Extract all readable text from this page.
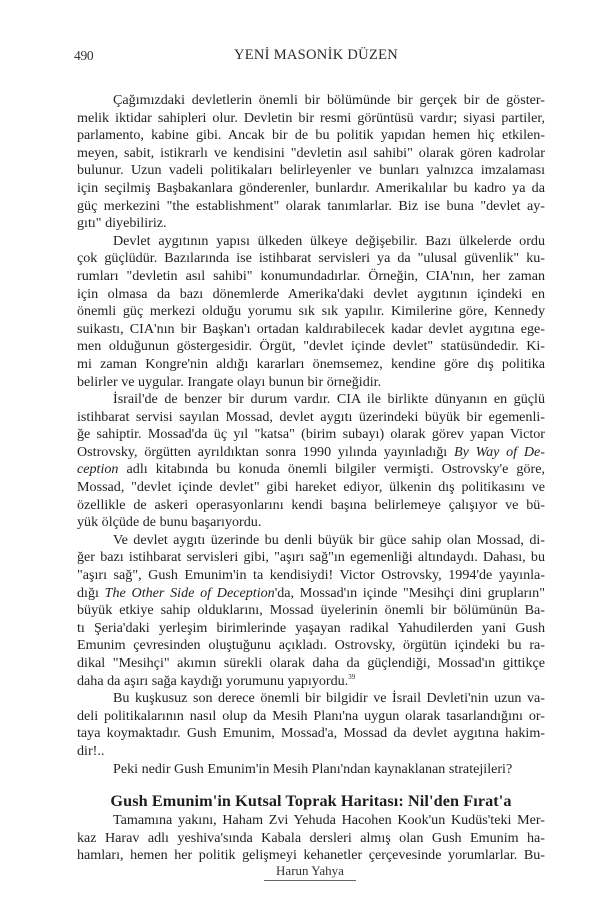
YENİ MASONİK DÜZEN
490
Çağımızdaki devletlerin önemli bir bölümünde bir gerçek bir de göster-
melik iktidar sahipleri olur. Devletin bir resmi görüntüsü vardır; siyasi partiler,
parlamento, kabine gibi. Ancak bir de bu politik yapıdan hemen hiç etkilen-
meyen, sabit, istikrarlı ve kendisini "devletin asıl sahibi" olarak gören kadrolar
bulunur. Uzun vadeli politikaları belirleyenler ve bunları yalnızca imzalaması
için seçilmiş Başbakanlara gönderenler, bunlardır. Amerikalılar bu kadro ya da
güç merkezini "the establishment" olarak tanımlarlar. Biz ise buna "devlet ay-
gıtı" diyebiliriz.
Devlet aygıtının yapısı ülkeden ülkeye değişebilir. Bazı ülkelerde ordu
çok güçlüdür. Bazılarında ise istihbarat servisleri ya da "ulusal güvenlik" ku-
rumları "devletin asıl sahibi" konumundadırlar. Örneğin, CIA'nın, her zaman
için olmasa da bazı dönemlerde Amerika'daki devlet aygıtının içindeki en
önemli güç merkezi olduğu yorumu sık sık yapılır. Kimilerine göre, Kennedy
suikastı, CIA'nın bir Başkan'ı ortadan kaldırabilecek kadar devlet aygıtına ege-
men olduğunun göstergesidir. Örgüt, "devlet içinde devlet" statüsündedir. Ki-
mi zaman Kongre'nin aldığı kararları önemsemez, kendine göre dış politika
belirler ve uygular. Irangate olayı bunun bir örneğidir.
İsrail'de de benzer bir durum vardır. CIA ile birlikte dünyanın en güçlü
istihbarat servisi sayılan Mossad, devlet aygıtı üzerindeki büyük bir egemenli-
ğe sahiptir. Mossad'da üç yıl "katsa" (birim subayı) olarak görev yapan Victor
Ostrovsky, örgütten ayrıldıktan sonra 1990 yılında yayınladığı By Way of De-
ception adlı kitabında bu konuda önemli bilgiler vermişti. Ostrovsky'e göre,
Mossad, "devlet içinde devlet" gibi hareket ediyor, ülkenin dış politikasını ve
özellikle de askeri operasyonlarını kendi başına belirlemeye çalışıyor ve bü-
yük ölçüde de bunu başarıyordu.
Ve devlet aygıtı üzerinde bu denli büyük bir güce sahip olan Mossad, di-
ğer bazı istihbarat servisleri gibi, "aşırı sağ"ın egemenliği altındaydı. Dahası, bu
"aşırı sağ", Gush Emunim'in ta kendisiydi! Victor Ostrovsky, 1994'de yayınla-
dığı The Other Side of Deception'da, Mossad'ın içinde "Mesihçi dini grupların"
büyük etkiye sahip olduklarını, Mossad üyelerinin önemli bir bölümünün Ba-
tı Şeria'daki yerleşim birimlerinde yaşayan radikal Yahudilerden yani Gush
Emunim çevresinden oluştuğunu açıkladı. Ostrovsky, örgütün içindeki bu ra-
dikal "Mesihçi" akımın sürekli olarak daha da güçlendiği, Mossad'ın gittikçe
daha da aşırı sağa kaydığı yorumunu yapıyordu.$^{39}$
Bu kuşkusuz son derece önemli bir bilgidir ve İsrail Devleti'nin uzun va-
deli politikalarının nasıl olup da Mesih Planı'na uygun olarak tasarlandığını or-
taya koymaktadır. Gush Emunim, Mossad'a, Mossad da devlet aygıtına hakim-
dir!..
Peki nedir Gush Emunim'in Mesih Planı'ndan kaynaklanan stratejileri?
Gush Emunim'in Kutsal Toprak Haritası: Nil'den Fırat'a
Tamamına yakını, Haham Zvi Yehuda Hacohen Kook'un Kudüs'teki Mer-
kaz Harav adlı yeshiva'sında Kabala dersleri almış olan Gush Emunim ha-
hamları, hemen her politik gelişmeyi kehanetler çerçevesinde yorumlarlar. Bu-
Harun Yahya
